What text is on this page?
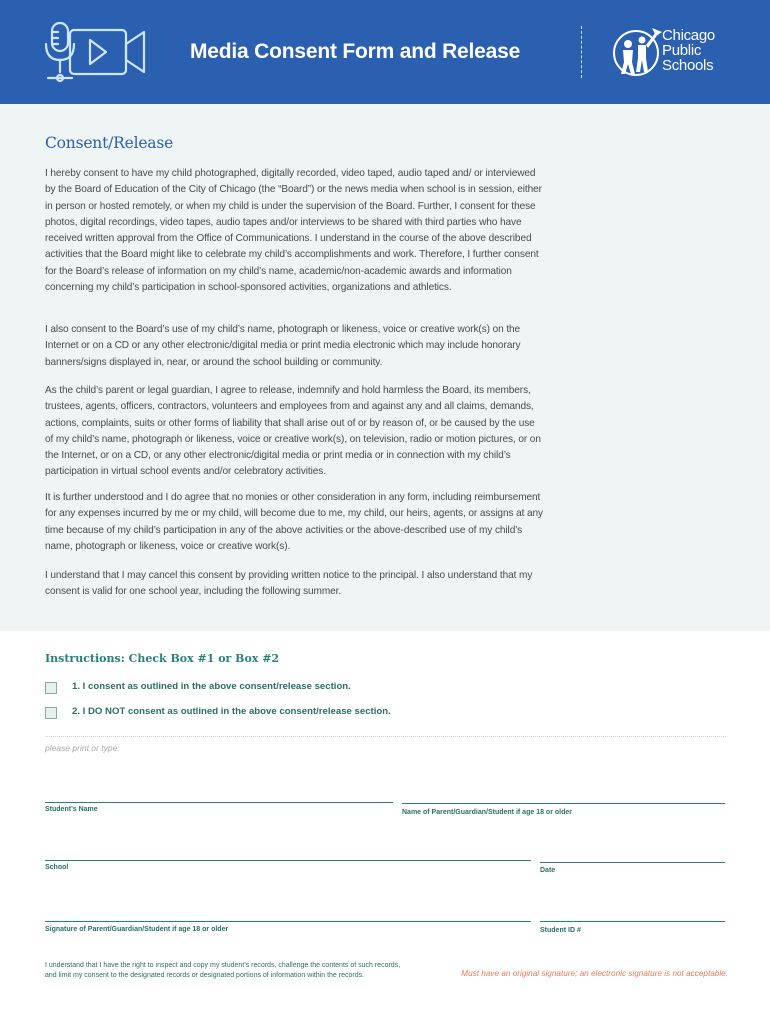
Media Consent Form and Release
Chicago
Public
Schools
Consent/Release
I hereby consent to have my child photographed, digitally recorded, video taped, audio taped and/ or interviewed by the Board of Education of the City of Chicago (the “Board”) or the news media when school is in session, either in person or hosted remotely, or when my child is under the supervision of the Board. Further, I consent for these photos, digital recordings, video tapes, audio tapes and/or interviews to be shared with third parties who have received written approval from the Office of Communications. I understand in the course of the above described activities that the Board might like to celebrate my child’s accomplishments and work. Therefore, I further consent for the Board’s release of information on my child’s name, academic/non-academic awards and information concerning my child’s participation in school-sponsored activities, organizations and athletics.
I also consent to the Board’s use of my child’s name, photograph or likeness, voice or creative work(s) on the Internet or on a CD or any other electronic/digital media or print media electronic which may include honorary banners/signs displayed in, near, or around the school building or community.
As the child’s parent or legal guardian, I agree to release, indemnify and hold harmless the Board, its members, trustees, agents, officers, contractors, volunteers and employees from and against any and all claims, demands, actions, complaints, suits or other forms of liability that shall arise out of or by reason of, or be caused by the use of my child’s name, photograph or likeness, voice or creative work(s), on television, radio or motion pictures, or on the Internet, or on a CD, or any other electronic/digital media or print media or in connection with my child’s participation in virtual school events and/or celebratory activities.
It is further understood and I do agree that no monies or other consideration in any form, including reimbursement for any expenses incurred by me or my child, will become due to me, my child, our heirs, agents, or assigns at any time because of my child’s participation in any of the above activities or the above-described use of my child’s name, photograph or likeness, voice or creative work(s).
I understand that I may cancel this consent by providing written notice to the principal. I also understand that my consent is valid for one school year, including the following summer.
Instructions: Check Box #1 or Box #2
1. I consent as outlined in the above consent/release section.
2. I DO NOT consent as outlined in the above consent/release section.
please print or type:
Student’s Name	Name of Parent/Guardian/Student if age 18 or older
School	Date
Signature of Parent/Guardian/Student if age 18 or older	Student ID #
I understand that I have the right to inspect and copy my student’s records, challenge the contents of such records, and limit my consent to the designated records or designated portions of information within the records.	Must have an original signature; an electronic signature is not acceptable.
